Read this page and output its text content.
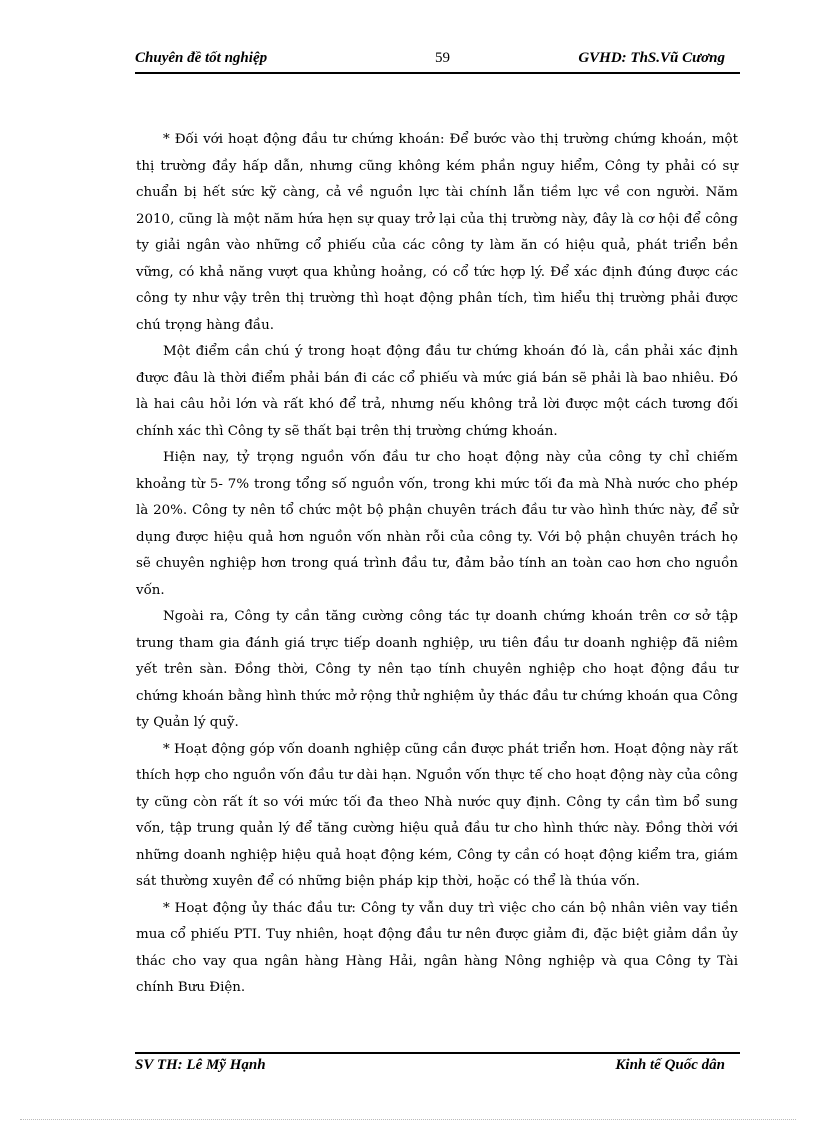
Chuyên đề tốt nghiệp	59	GVHD: ThS.Vũ Cương

* Đối với hoạt động đầu tư chứng khoán: Để bước vào thị trường chứng khoán, một thị trường đầy hấp dẫn, nhưng cũng không kém phần nguy hiểm, Công ty phải có sự chuẩn bị hết sức kỹ càng, cả về nguồn lực tài chính lẫn tiềm lực về con người. Năm 2010, cũng là một năm hứa hẹn sự quay trở lại của thị trường này, đây là cơ hội để công ty giải ngân vào những cổ phiếu của các công ty làm ăn có hiệu quả, phát triển bền vững, có khả năng vượt qua khủng hoảng, có cổ tức hợp lý. Để xác định đúng được các công ty như vậy trên thị trường thì hoạt động phân tích, tìm hiểu thị trường phải được chú trọng hàng đầu.

Một điểm cần chú ý trong hoạt động đầu tư chứng khoán đó là, cần phải xác định được đâu là thời điểm phải bán đi các cổ phiếu và mức giá bán sẽ phải là bao nhiêu. Đó là hai câu hỏi lớn và rất khó để trả, nhưng nếu không trả lời được một cách tương đối chính xác thì Công ty sẽ thất bại trên thị trường chứng khoán.

Hiện nay, tỷ trọng nguồn vốn đầu tư cho hoạt động này của công ty chỉ chiếm khoảng từ 5- 7% trong tổng số nguồn vốn, trong khi mức tối đa mà Nhà nước cho phép là 20%. Công ty nên tổ chức một bộ phận chuyên trách đầu tư vào hình thức này, để sử dụng được hiệu quả hơn nguồn vốn nhàn rỗi của công ty. Với bộ phận chuyên trách họ sẽ chuyên nghiệp hơn trong quá trình đầu tư, đảm bảo tính an toàn cao hơn cho nguồn vốn.

Ngoài ra, Công ty cần tăng cường công tác tự doanh chứng khoán trên cơ sở tập trung tham gia đánh giá trực tiếp doanh nghiệp, ưu tiên đầu tư doanh nghiệp đã niêm yết trên sàn. Đồng thời, Công ty nên tạo tính chuyên nghiệp cho hoạt động đầu tư chứng khoán bằng hình thức mở rộng thử nghiệm ủy thác đầu tư chứng khoán qua Công ty Quản lý quỹ.

* Hoạt động góp vốn doanh nghiệp cũng cần được phát triển hơn. Hoạt động này rất thích hợp cho nguồn vốn đầu tư dài hạn. Nguồn vốn thực tế cho hoạt động này của công ty cũng còn rất ít so với mức tối đa theo Nhà nước quy định. Công ty cần tìm bổ sung vốn, tập trung quản lý để tăng cường hiệu quả đầu tư cho hình thức này. Đồng thời với những doanh nghiệp hiệu quả hoạt động kém, Công ty cần có hoạt động kiểm tra, giám sát thường xuyên để có những biện pháp kịp thời, hoặc có thể là thúa vốn.

* Hoạt động ủy thác đầu tư: Công ty vẫn duy trì việc cho cán bộ nhân viên vay tiền mua cổ phiếu PTI. Tuy nhiên, hoạt động đầu tư nên được giảm đi, đặc biệt giảm dần ủy thác cho vay qua ngân hàng Hàng Hải, ngân hàng Nông nghiệp và qua Công ty Tài chính Bưu Điện.

SV TH: Lê Mỹ Hạnh	Kinh tế Quốc dân
